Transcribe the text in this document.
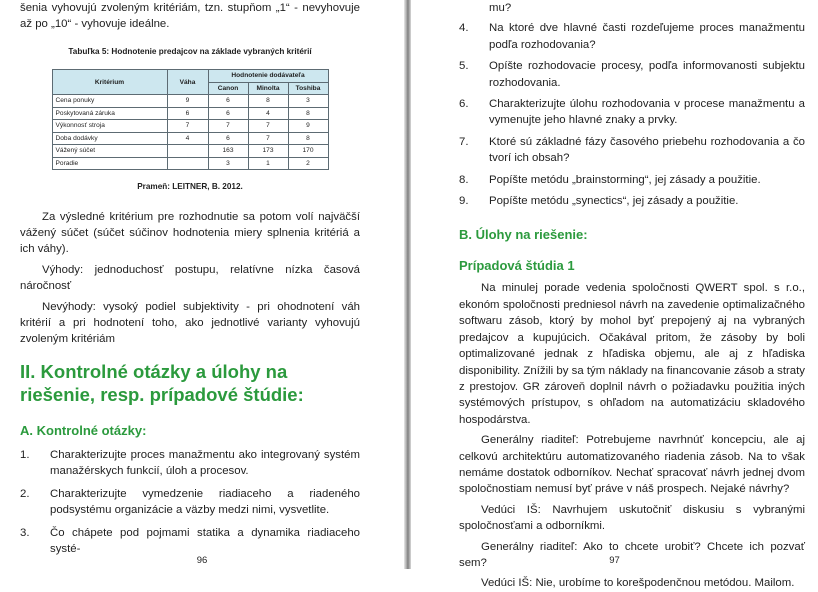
šenia vyhovujú zvoleným kritériám, tzn. stupňom „1“ - nevyhovuje až po „10“ - vyhovuje ideálne.

Tabuľka 5: Hodnotenie predajcov na základe vybraných kritérií

Kritérium	Váha	Hodnotenie dodávateľa		
		Canon	Minolta	Toshiba
Cena ponuky	9	6	8	3
Poskytovaná záruka	6	6	4	8
Výkonnosť stroja	7	7	7	9
Doba dodávky	4	6	7	8
Vážený súčet		163	173	170
Poradie		3	1	2

Prameň: LEITNER, B. 2012.

Za výsledné kritérium pre rozhodnutie sa potom volí najväčší vážený súčet (súčet súčinov hodnotenia miery splnenia kritériá a ich váhy).

Výhody: jednoduchosť postupu, relatívne nízka časová náročnosť

Nevýhody: vysoký podiel subjektivity - pri ohodnotení váh kritérií a pri hodnotení toho, ako jednotlivé varianty vyhovujú zvoleným kritériám

II. Kontrolné otázky a úlohy na riešenie, resp. prípadové štúdie:
A. Kontrolné otázky:
1. Charakterizujte proces manažmentu ako integrovaný systém manažérskych funkcií, úloh a procesov.
2. Charakterizujte vymedzenie riadiaceho a riadeného podsystému organizácie a väzby medzi nimi, vysvetlite.
3. Čo chápete pod pojmami statika a dynamika riadiaceho systé-
96

mu?

4. Na ktoré dve hlavné časti rozdeľujeme proces manažmentu podľa rozhodovania?
5. Opíšte rozhodovacie procesy, podľa informovanosti subjektu rozhodovania.
6. Charakterizujte úlohu rozhodovania v procese manažmentu a vymenujte jeho hlavné znaky a prvky.
7. Ktoré sú základné fázy časového priebehu rozhodovania a čo tvorí ich obsah?
8. Popíšte metódu „brainstorming“, jej zásady a použitie.
9. Popíšte metódu „synectics“, jej zásady a použitie.
B. Úlohy na riešenie:
Prípadová štúdia 1

Na minulej porade vedenia spoločnosti QWERT spol. s r.o., ekonóm spoločnosti predniesol návrh na zavedenie optimalizačného softwaru zásob, ktorý by mohol byť prepojený aj na vybraných predajcov a kupujúcich. Očakával pritom, že zásoby by boli optimalizované jednak z hľadiska objemu, ale aj z hľadiska disponibility. Znížili by sa tým náklady na financovanie zásob a straty z prestojov. GR zároveň doplnil návrh o požiadavku použitia iných systémových prístupov, s ohľadom na automatizáciu skladového hospodárstva.

Generálny riaditeľ: Potrebujeme navrhnúť koncepciu, ale aj celkovú architektúru automatizovaného riadenia zásob. Na to však nemáme dostatok odborníkov. Nechať spracovať návrh jednej dvom spoločnostiam nemusí byť práve v náš prospech. Nejaké návrhy?

Vedúci IŠ: Navrhujem uskutočniť diskusiu s vybranými spoločnosťami a odborníkmi.

Generálny riaditeľ: Ako to chcete urobiť? Chcete ich pozvať sem?

Vedúci IŠ: Nie, urobíme to korešpodenčnou metódou. Mailom.

97
